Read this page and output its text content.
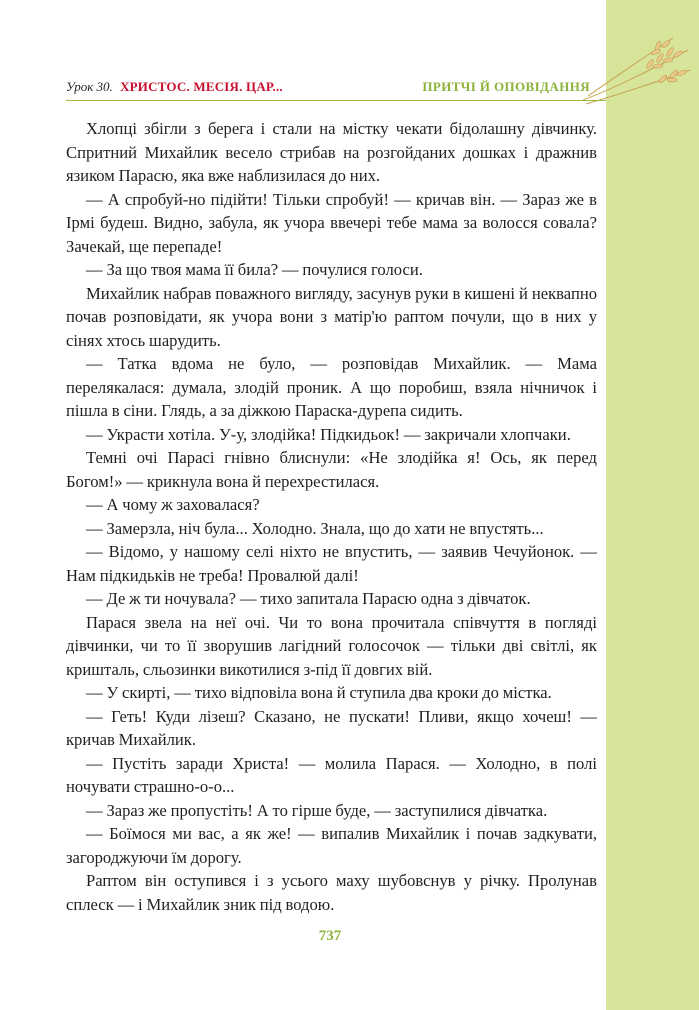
Урок 30. ХРИСТОС. МЕСІЯ. ЦАР...	ПРИТЧІ Й ОПОВІДАННЯ

Хлопці збігли з берега і стали на містку чекати бідолашну дівчинку. Спритний Михайлик весело стрибав на розгойданих дошках і дражнив язиком Парасю, яка вже наблизилася до них.

— А спробуй-но підійти! Тільки спробуй! — кричав він. — Зараз же в Ірмі будеш. Видно, забула, як учора ввечері тебе мама за волосся совала? Зачекай, ще перепаде!

— За що твоя мама її била? — почулися голоси.

Михайлик набрав поважного вигляду, засунув руки в кишені й неквапно почав розповідати, як учора вони з матір'ю раптом почули, що в них у сінях хтось шарудить.

— Татка вдома не було, — розповідав Михайлик. — Мама перелякалася: думала, злодій проник. А що поробиш, взяла нічничок і пішла в сіни. Глядь, а за діжкою Параска-дурепа сидить.

— Украсти хотіла. У-у, злодійка! Підкидьок! — закричали хлопчаки.

Темні очі Парасі гнівно блиснули: «Не злодійка я! Ось, як перед Богом!» — крикнула вона й перехрестилася.

— А чому ж заховалася?

— Замерзла, ніч була... Холодно. Знала, що до хати не впустять...

— Відомо, у нашому селі ніхто не впустить, — заявив Чечуйонок. — Нам підкидьків не треба! Провалюй далі!

— Де ж ти ночувала? — тихо запитала Парасю одна з дівчаток.

Парася звела на неї очі. Чи то вона прочитала співчуття в погляді дівчинки, чи то її зворушив лагідний голосочок — тільки дві світлі, як кришталь, сльозинки викотилися з-під її довгих вій.

— У скирті, — тихо відповіла вона й ступила два кроки до містка.

— Геть! Куди лізеш? Сказано, не пускати! Пливи, якщо хочеш! — кричав Михайлик.

— Пустіть заради Христа! — молила Парася. — Холодно, в полі ночувати страшно-о-о...

— Зараз же пропустіть! А то гірше буде, — заступилися дівчатка.

— Боїмося ми вас, а як же! — випалив Михайлик і почав задкувати, загороджуючи їм дорогу.

Раптом він оступився і з усього маху шубовснув у річку. Пролунав сплеск — і Михайлик зник під водою.

737
